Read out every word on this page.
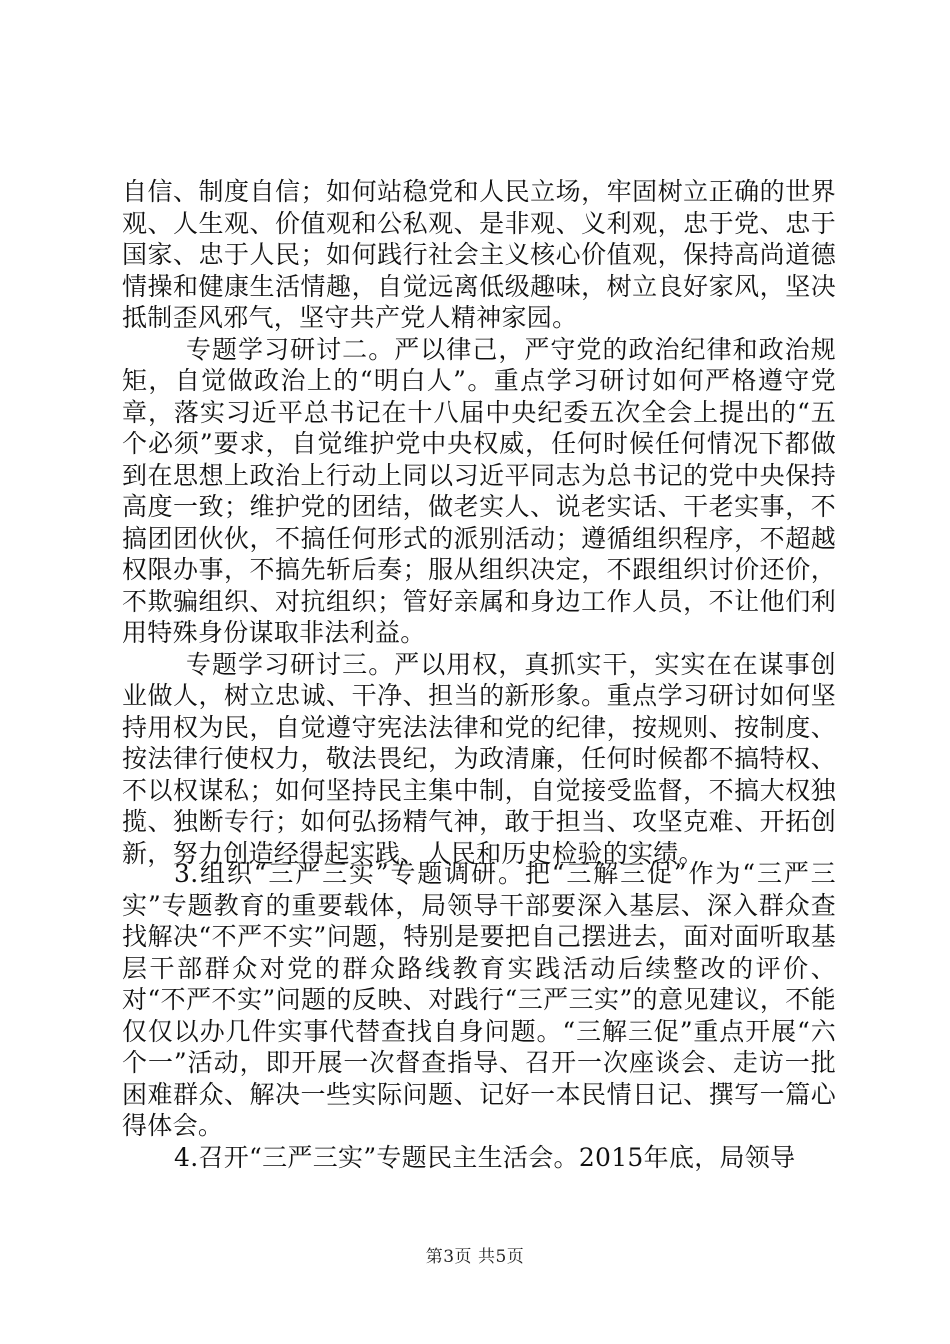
自信、制度自信；如何站稳党和人民立场，牢固树立正确的世界观、人生观、价值观和公私观、是非观、义利观，忠于党、忠于国家、忠于人民；如何践行社会主义核心价值观，保持高尚道德情操和健康生活情趣，自觉远离低级趣味，树立良好家风，坚决抵制歪风邪气，坚守共产党人精神家园。

专题学习研讨二。严以律己，严守党的政治纪律和政治规矩，自觉做政治上的“明白人”。重点学习研讨如何严格遵守党章，落实习近平总书记在十八届中央纪委五次全会上提出的“五个必须”要求，自觉维护党中央权威，任何时候任何情况下都做到在思想上政治上行动上同以习近平同志为总书记的党中央保持高度一致；维护党的团结，做老实人、说老实话、干老实事，不搞团团伙伙，不搞任何形式的派别活动；遵循组织程序，不超越权限办事，不搞先斩后奏；服从组织决定，不跟组织讨价还价，不欺骗组织、对抗组织；管好亲属和身边工作人员，不让他们利用特殊身份谋取非法利益。

专题学习研讨三。严以用权，真抓实干，实实在在谋事创业做人，树立忠诚、干净、担当的新形象。重点学习研讨如何坚持用权为民，自觉遵守宪法法律和党的纪律，按规则、按制度、按法律行使权力，敬法畏纪，为政清廉，任何时候都不搞特权、不以权谋私；如何坚持民主集中制，自觉接受监督，不搞大权独揽、独断专行；如何弘扬精气神，敢于担当、攻坚克难、开拓创新，努力创造经得起实践、人民和历史检验的实绩。

3.组织“三严三实”专题调研。把“三解三促”作为“三严三实”专题教育的重要载体，局领导干部要深入基层、深入群众查找解决“不严不实”问题，特别是要把自己摆进去，面对面听取基层干部群众对党的群众路线教育实践活动后续整改的评价、对“不严不实”问题的反映、对践行“三严三实”的意见建议，不能仅仅以办几件实事代替查找自身问题。“三解三促”重点开展“六个一”活动，即开展一次督查指导、召开一次座谈会、走访一批困难群众、解决一些实际问题、记好一本民情日记、撰写一篇心得体会。

4.召开“三严三实”专题民主生活会。2015年底，局领导

第3页 共5页
